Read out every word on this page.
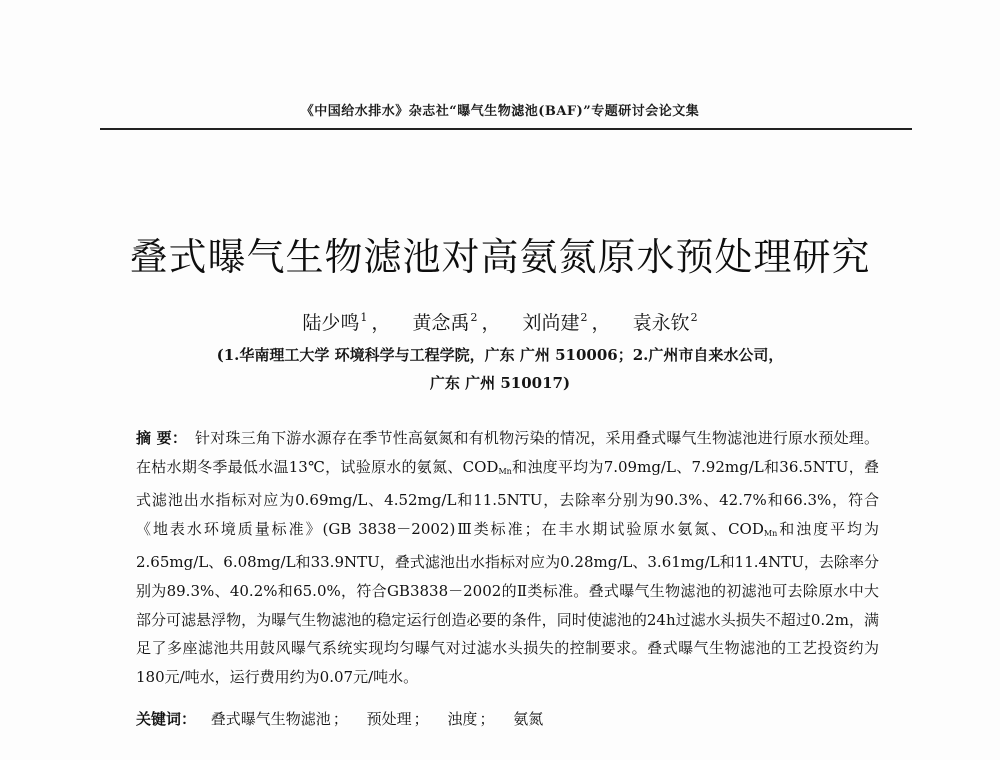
《中国给水排水》杂志社“曝气生物滤池(BAF)”专题研讨会论文集
叠式曝气生物滤池对高氨氮原水预处理研究
陆少鸣$^1$ ， 黄念禹$^2$ ， 刘尚建$^2$ ， 袁永钦$^2$
(1.华南理工大学 环境科学与工程学院，广东 广州 510006；2.广州市自来水公司，
广东 广州 510017)
摘 要： 针对珠三角下游水源存在季节性高氨氮和有机物污染的情况，采用叠式曝气生物滤池进行原水预处理。在枯水期冬季最低水温13℃，试验原水的氨氮、$COD_{Mn}$和浊度平均为7.09mg/L、7.92mg/L和36.5NTU，叠式滤池出水指标对应为0.69mg/L、4.52mg/L和11.5NTU，去除率分别为90.3%、42.7%和66.3%，符合《地表水环境质量标准》(GB 3838－2002)Ⅲ类标准；在丰水期试验原水氨氮、$COD_{Mn}$和浊度平均为2.65mg/L、6.08mg/L和33.9NTU，叠式滤池出水指标对应为0.28mg/L、3.61mg/L和11.4NTU，去除率分别为89.3%、40.2%和65.0%，符合GB3838－2002的Ⅱ类标准。叠式曝气生物滤池的初滤池可去除原水中大部分可滤悬浮物，为曝气生物滤池的稳定运行创造必要的条件，同时使滤池的24h过滤水头损失不超过0.2m，满足了多座滤池共用鼓风曝气系统实现均匀曝气对过滤水头损失的控制要求。叠式曝气生物滤池的工艺投资约为180元/吨水，运行费用约为0.07元/吨水。
关键词： 叠式曝气生物滤池 ； 预处理 ； 浊度 ； 氨氮
